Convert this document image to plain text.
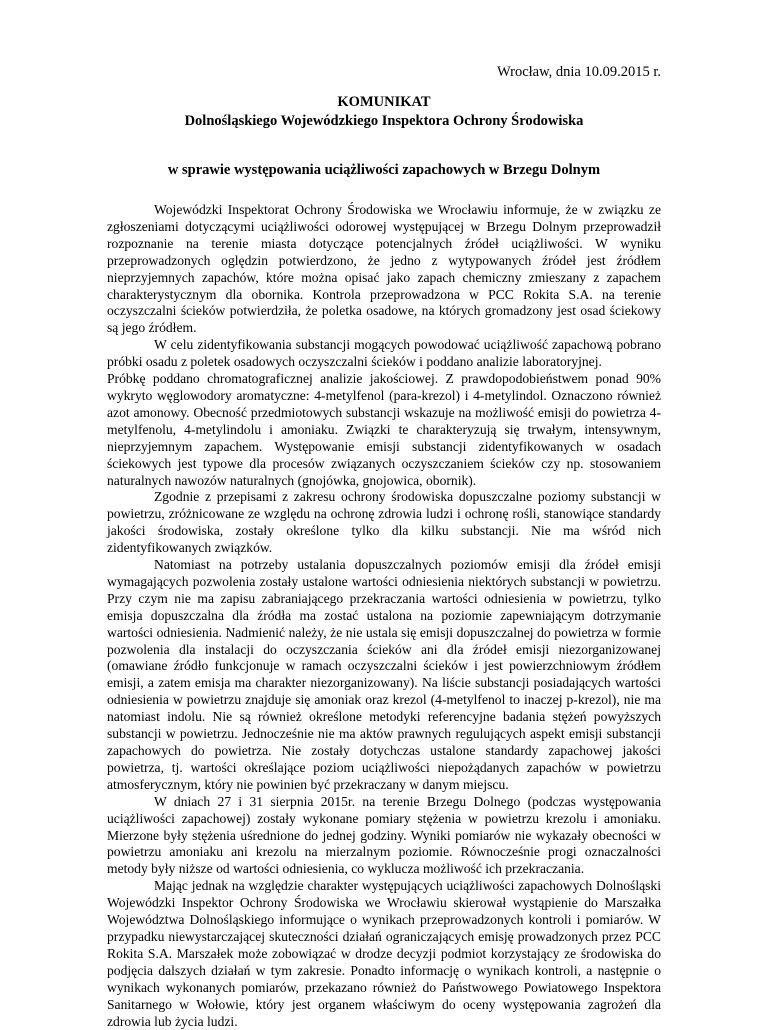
Wrocław, dnia 10.09.2015 r.
KOMUNIKAT
Dolnośląskiego Wojewódzkiego Inspektora Ochrony Środowiska
w sprawie występowania uciążliwości zapachowych w Brzegu Dolnym

Wojewódzki Inspektorat Ochrony Środowiska we Wrocławiu informuje, że w związku ze zgłoszeniami dotyczącymi uciążliwości odorowej występującej w Brzegu Dolnym przeprowadził rozpoznanie na terenie miasta dotyczące potencjalnych źródeł uciążliwości. W wyniku przeprowadzonych oględzin potwierdzono, że jedno z wytypowanych źródeł jest źródłem nieprzyjemnych zapachów, które można opisać jako zapach chemiczny zmieszany z zapachem charakterystycznym dla obornika. Kontrola przeprowadzona w PCC Rokita S.A. na terenie oczyszczalni ścieków potwierdziła, że poletka osadowe, na których gromadzony jest osad ściekowy są jego źródłem.

W celu zidentyfikowania substancji mogących powodować uciążliwość zapachową pobrano próbki osadu z poletek osadowych oczyszczalni ścieków i poddano analizie laboratoryjnej.

Próbkę poddano chromatograficznej analizie jakościowej. Z prawdopodobieństwem ponad 90% wykryto węglowodory aromatyczne: 4-metylfenol (para-krezol) i 4-metylindol. Oznaczono również azot amonowy. Obecność przedmiotowych substancji wskazuje na możliwość emisji do powietrza 4-metylfenolu, 4-metylindolu i amoniaku. Związki te charakteryzują się trwałym, intensywnym, nieprzyjemnym zapachem. Występowanie emisji substancji zidentyfikowanych w osadach ściekowych jest typowe dla procesów związanych oczyszczaniem ścieków czy np. stosowaniem naturalnych nawozów naturalnych (gnojówka, gnojowica, obornik).

Zgodnie z przepisami z zakresu ochrony środowiska dopuszczalne poziomy substancji w powietrzu, zróżnicowane ze względu na ochronę zdrowia ludzi i ochronę rośli, stanowiące standardy jakości środowiska, zostały określone tylko dla kilku substancji. Nie ma wśród nich zidentyfikowanych związków.

Natomiast na potrzeby ustalania dopuszczalnych poziomów emisji dla źródeł emisji wymagających pozwolenia zostały ustalone wartości odniesienia niektórych substancji w powietrzu. Przy czym nie ma zapisu zabraniającego przekraczania wartości odniesienia w powietrzu, tylko emisja dopuszczalna dla źródła ma zostać ustalona na poziomie zapewniającym dotrzymanie wartości odniesienia. Nadmienić należy, że nie ustala się emisji dopuszczalnej do powietrza w formie pozwolenia dla instalacji do oczyszczania ścieków ani dla źródeł emisji niezorganizowanej (omawiane źródło funkcjonuje w ramach oczyszczalni ścieków i jest powierzchniowym źródłem emisji, a zatem emisja ma charakter niezorganizowany). Na liście substancji posiadających wartości odniesienia w powietrzu znajduje się amoniak oraz krezol (4-metylfenol to inaczej p-krezol), nie ma natomiast indolu. Nie są również określone metodyki referencyjne badania stężeń powyższych substancji w powietrzu. Jednocześnie nie ma aktów prawnych regulujących aspekt emisji substancji zapachowych do powietrza. Nie zostały dotychczas ustalone standardy zapachowej jakości powietrza, tj. wartości określające poziom uciążliwości niepożądanych zapachów w powietrzu atmosferycznym, który nie powinien być przekraczany w danym miejscu.

W dniach 27 i 31 sierpnia 2015r. na terenie Brzegu Dolnego (podczas występowania uciążliwości zapachowej) zostały wykonane pomiary stężenia w powietrzu krezolu i amoniaku. Mierzone były stężenia uśrednione do jednej godziny. Wyniki pomiarów nie wykazały obecności w powietrzu amoniaku ani krezolu na mierzalnym poziomie. Równocześnie progi oznaczalności metody były niższe od wartości odniesienia, co wyklucza możliwość ich przekraczania.

Mając jednak na względzie charakter występujących uciążliwości zapachowych Dolnośląski Wojewódzki Inspektor Ochrony Środowiska we Wrocławiu skierował wystąpienie do Marszałka Województwa Dolnośląskiego informujące o wynikach przeprowadzonych kontroli i pomiarów. W przypadku niewystarczającej skuteczności działań ograniczających emisję prowadzonych przez PCC Rokita S.A. Marszałek może zobowiązać w drodze decyzji podmiot korzystający ze środowiska do podjęcia dalszych działań w tym zakresie. Ponadto informację o wynikach kontroli, a następnie o wynikach wykonanych pomiarów, przekazano również do Państwowego Powiatowego Inspektora Sanitarnego w Wołowie, który jest organem właściwym do oceny występowania zagrożeń dla zdrowia lub życia ludzi.
